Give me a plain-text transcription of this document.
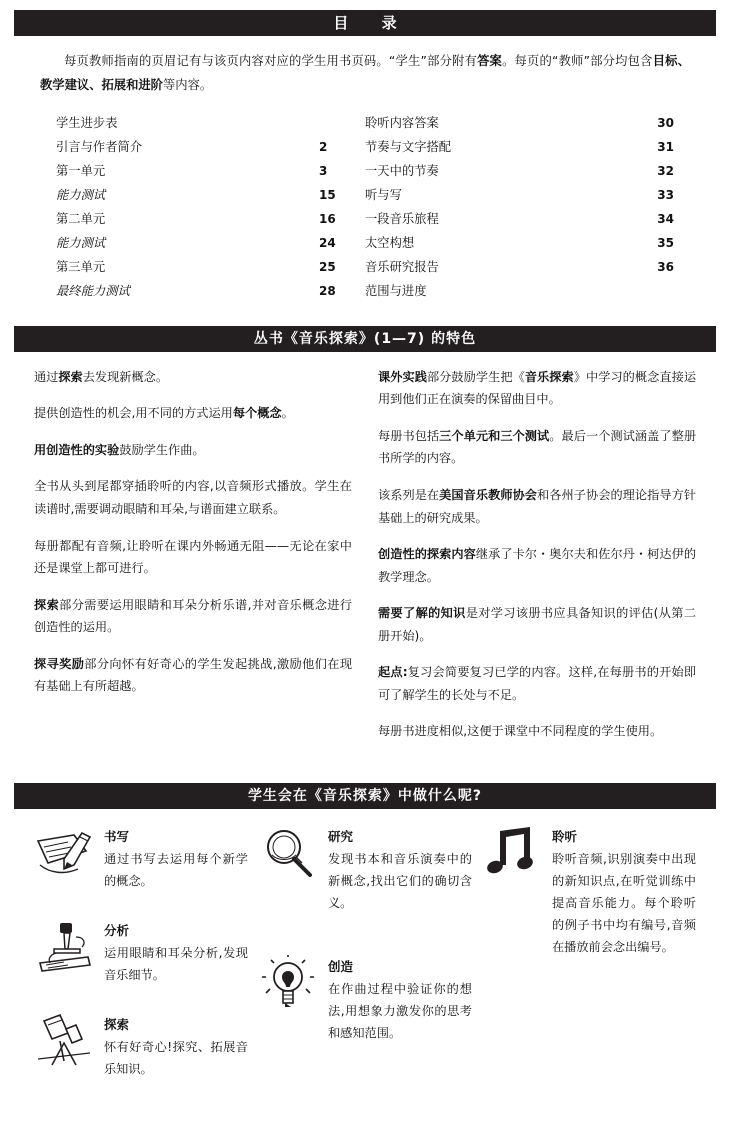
目 录
每页教师指南的页眉记有与该页内容对应的学生用书页码。“学生”部分附有答案。每页的“教师”部分均包含目标、教学建议、拓展和进阶等内容。
学生进步表
引言与作者简介	2
第一单元	3
能力测试	15
第二单元	16
能力测试	24
第三单元	25
最终能力测试	28
聆听内容答案	30
节奏与文字搭配	31
一天中的节奏	32
听与写	33
一段音乐旅程	34
太空构想	35
音乐研究报告	36
范围与进度
丛书《音乐探索》(1—7) 的特色

通过探索去发现新概念。

提供创造性的机会,用不同的方式运用每个概念。

用创造性的实验鼓励学生作曲。

全书从头到尾都穿插聆听的内容,以音频形式播放。学生在读谱时,需要调动眼睛和耳朵,与谱面建立联系。

每册都配有音频,让聆听在课内外畅通无阻——无论在家中还是课堂上都可进行。

探索部分需要运用眼睛和耳朵分析乐谱,并对音乐概念进行创造性的运用。

探寻奖励部分向怀有好奇心的学生发起挑战,激励他们在现有基础上有所超越。

课外实践部分鼓励学生把《音乐探索》中学习的概念直接运用到他们正在演奏的保留曲目中。

每册书包括三个单元和三个测试。最后一个测试涵盖了整册书所学的内容。

该系列是在美国音乐教师协会和各州子协会的理论指导方针基础上的研究成果。

创造性的探索内容继承了卡尔・奥尔夫和佐尔丹・柯达伊的教学理念。

需要了解的知识是对学习该册书应具备知识的评估(从第二册开始)。

起点:复习会简要复习已学的内容。这样,在每册书的开始即可了解学生的长处与不足。

每册书进度相似,这便于课堂中不同程度的学生使用。

学生会在《音乐探索》中做什么呢?
书写
通过书写去运用每个新学的概念。
分析
运用眼睛和耳朵分析,发现音乐细节。
探索
怀有好奇心!探究、拓展音乐知识。
研究
发现书本和音乐演奏中的新概念,找出它们的确切含义。
创造
在作曲过程中验证你的想法,用想象力激发你的思考和感知范围。
聆听
聆听音频,识别演奏中出现的新知识点,在听觉训练中提高音乐能力。每个聆听的例子书中均有编号,音频在播放前会念出编号。
